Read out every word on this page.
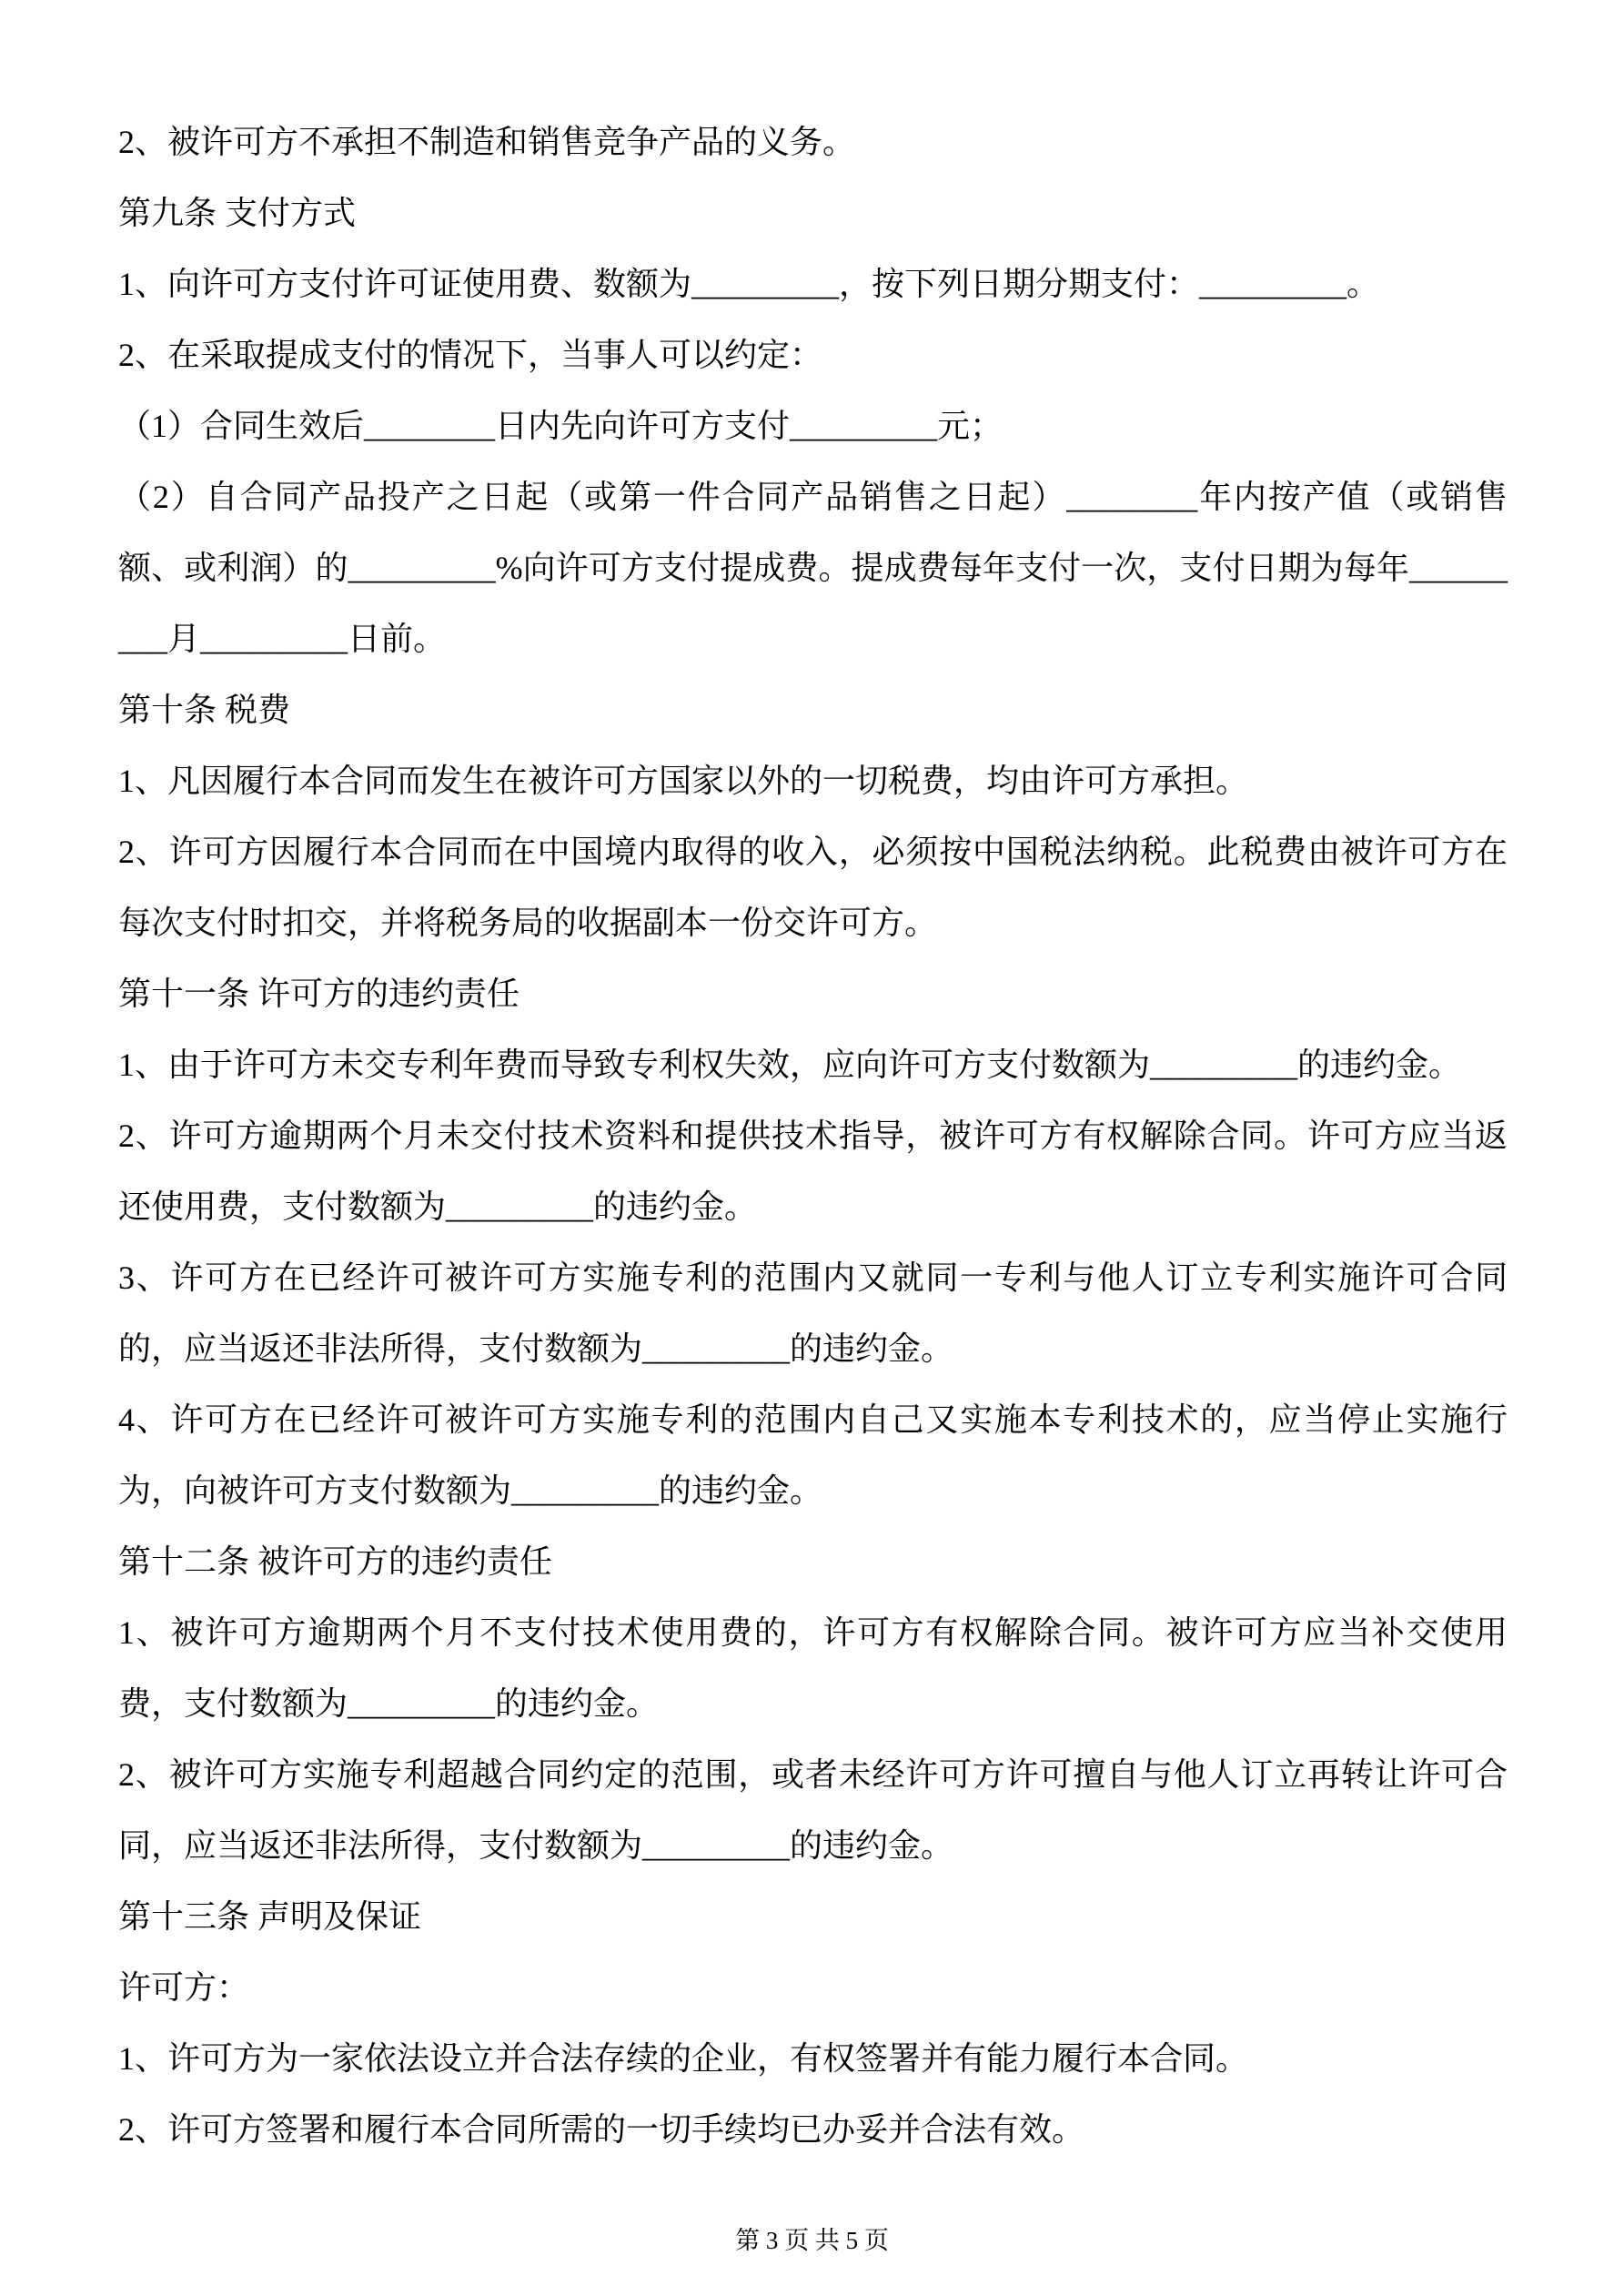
2、被许可方不承担不制造和销售竞争产品的义务。

第九条 支付方式

1、向许可方支付许可证使用费、数额为_________，按下列日期分期支付：_________。

2、在采取提成支付的情况下，当事人可以约定：

（1）合同生效后________日内先向许可方支付_________元；

（2）自合同产品投产之日起（或第一件合同产品销售之日起）________年内按产值（或销售额、或利润）的_________%向许可方支付提成费。提成费每年支付一次，支付日期为每年_________月_________日前。

第十条 税费

1、凡因履行本合同而发生在被许可方国家以外的一切税费，均由许可方承担。

2、许可方因履行本合同而在中国境内取得的收入，必须按中国税法纳税。此税费由被许可方在每次支付时扣交，并将税务局的收据副本一份交许可方。

第十一条 许可方的违约责任

1、由于许可方未交专利年费而导致专利权失效，应向许可方支付数额为_________的违约金。

2、许可方逾期两个月未交付技术资料和提供技术指导，被许可方有权解除合同。许可方应当返还使用费，支付数额为_________的违约金。

3、许可方在已经许可被许可方实施专利的范围内又就同一专利与他人订立专利实施许可合同的，应当返还非法所得，支付数额为_________的违约金。

4、许可方在已经许可被许可方实施专利的范围内自己又实施本专利技术的，应当停止实施行为，向被许可方支付数额为_________的违约金。

第十二条 被许可方的违约责任

1、被许可方逾期两个月不支付技术使用费的，许可方有权解除合同。被许可方应当补交使用费，支付数额为_________的违约金。

2、被许可方实施专利超越合同约定的范围，或者未经许可方许可擅自与他人订立再转让许可合同，应当返还非法所得，支付数额为_________的违约金。

第十三条 声明及保证

许可方：

1、许可方为一家依法设立并合法存续的企业，有权签署并有能力履行本合同。

2、许可方签署和履行本合同所需的一切手续均已办妥并合法有效。

第 3 页 共 5 页
